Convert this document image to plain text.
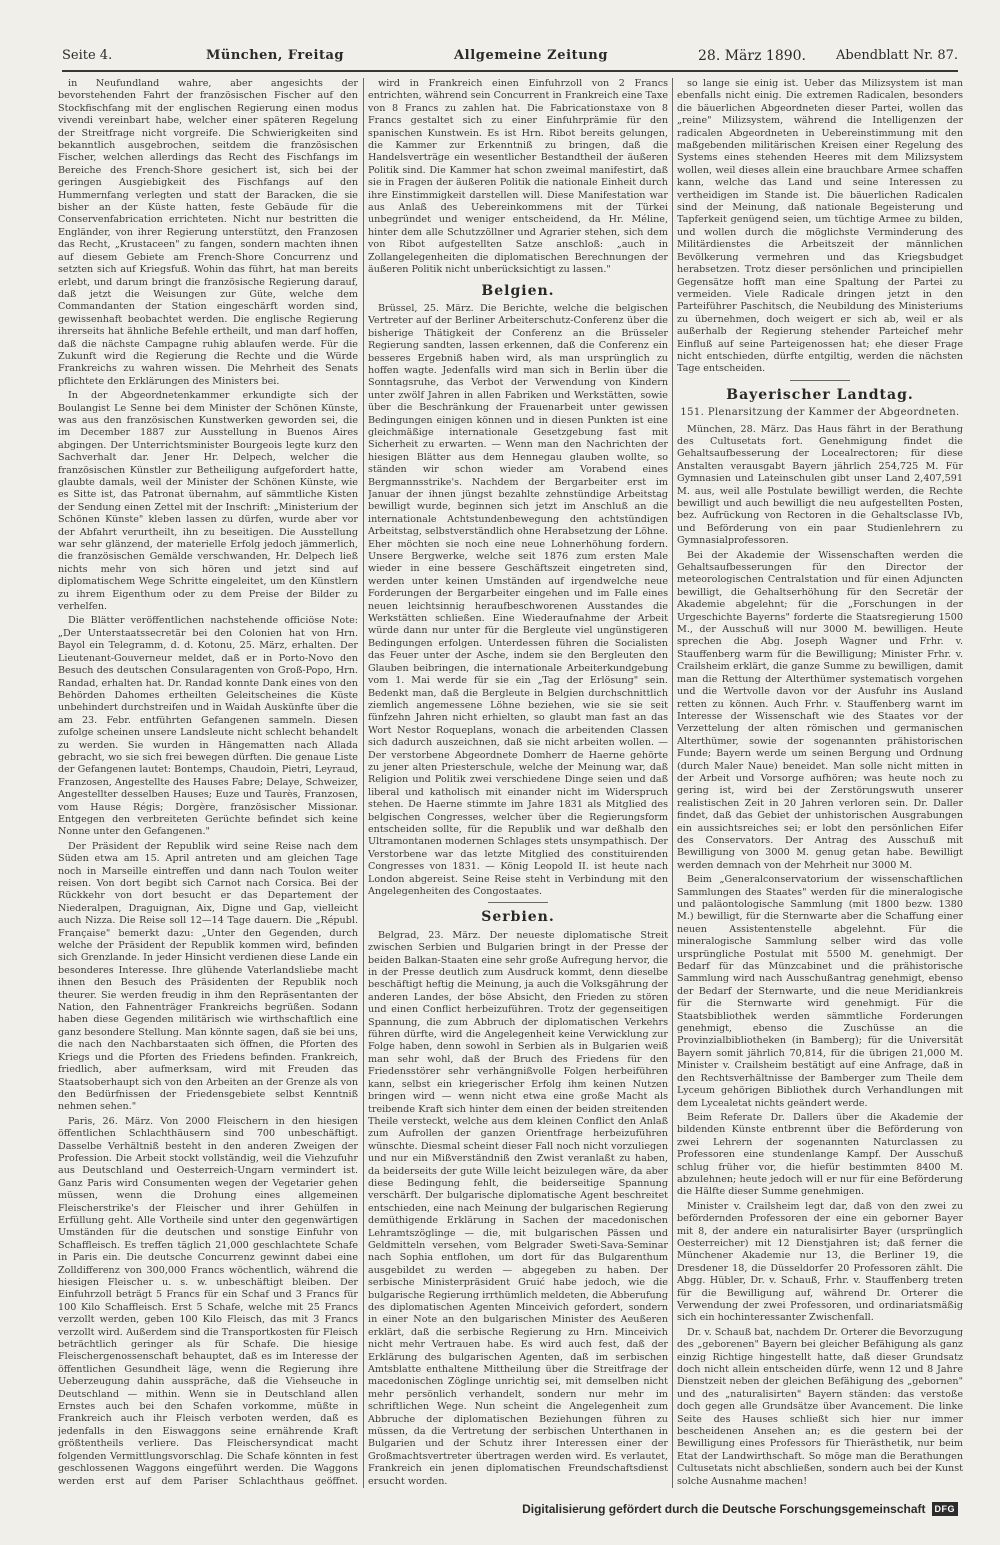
Seite 4.	München, Freitag	Allgemeine Zeitung	28. März 1890. Abendblatt Nr. 87.

in Neufundland wahre, aber angesichts der bevorstehenden Fahrt der französischen Fischer auf den Stockfischfang mit der englischen Regierung einen modus vivendi vereinbart habe, welcher einer späteren Regelung der Streitfrage nicht vorgreife. Die Schwierigkeiten sind bekanntlich ausgebrochen, seitdem die französischen Fischer, welchen allerdings das Recht des Fischfangs im Bereiche des French-Shore gesichert ist, sich bei der geringen Ausgiebigkeit des Fischfangs auf den Hummernfang verlegten und statt der Baracken, die sie bisher an der Küste hatten, feste Gebäude für die Conservenfabrication errichteten. Nicht nur bestritten die Engländer, von ihrer Regierung unterstützt, den Franzosen das Recht, „Krustaceen" zu fangen, sondern machten ihnen auf diesem Gebiete am French-Shore Concurrenz und setzten sich auf Kriegsfuß. Wohin das führt, hat man bereits erlebt, und darum bringt die französische Regierung darauf, daß jetzt die Weisungen zur Güte, welche dem Commandanten der Station eingeschärft worden sind, gewissenhaft beobachtet werden. Die englische Regierung ihrerseits hat ähnliche Befehle ertheilt, und man darf hoffen, daß die nächste Campagne ruhig ablaufen werde. Für die Zukunft wird die Regierung die Rechte und die Würde Frankreichs zu wahren wissen. Die Mehrheit des Senats pflichtete den Erklärungen des Ministers bei.

In der Abgeordnetenkammer erkundigte sich der Boulangist Le Senne bei dem Minister der Schönen Künste, was aus den französischen Kunstwerken geworden sei, die im December 1887 zur Ausstellung in Buenos Aires abgingen. Der Unterrichtsminister Bourgeois legte kurz den Sachverhalt dar. Jener Hr. Delpech, welcher die französischen Künstler zur Betheiligung aufgefordert hatte, glaubte damals, weil der Minister der Schönen Künste, wie es Sitte ist, das Patronat übernahm, auf sämmtliche Kisten der Sendung einen Zettel mit der Inschrift: „Ministerium der Schönen Künste" kleben lassen zu dürfen, wurde aber vor der Abfahrt verurtheilt, ihn zu beseitigen. Die Ausstellung war sehr glänzend, der materielle Erfolg jedoch jämmerlich, die französischen Gemälde verschwanden, Hr. Delpech ließ nichts mehr von sich hören und jetzt sind auf diplomatischem Wege Schritte eingeleitet, um den Künstlern zu ihrem Eigenthum oder zu dem Preise der Bilder zu verhelfen.

Die Blätter veröffentlichen nachstehende officiöse Note: „Der Unterstaatssecretär bei den Colonien hat von Hrn. Bayol ein Telegramm, d. d. Kotonu, 25. März, erhalten. Der Lieutenant-Gouverneur meldet, daß er in Porto-Novo den Besuch des deutschen Consularagenten von Groß-Popo, Hrn. Randad, erhalten hat. Dr. Randad konnte Dank eines von den Behörden Dahomes ertheilten Geleitscheines die Küste unbehindert durchstreifen und in Waidah Auskünfte über die am 23. Febr. entführten Gefangenen sammeln. Diesen zufolge scheinen unsere Landsleute nicht schlecht behandelt zu werden. Sie wurden in Hängematten nach Allada gebracht, wo sie sich frei bewegen dürften. Die genaue Liste der Gefangenen lautet: Bontemps, Chaudoin, Pietri, Leyraud, Franzosen, Angestellte des Hauses Fabre; Delaye, Schweizer, Angestellter desselben Hauses; Euze und Taurès, Franzosen, vom Hause Régis; Dorgère, französischer Missionar. Entgegen den verbreiteten Gerüchte befindet sich keine Nonne unter den Gefangenen."

Der Präsident der Republik wird seine Reise nach dem Süden etwa am 15. April antreten und am gleichen Tage noch in Marseille eintreffen und dann nach Toulon weiter reisen. Von dort begibt sich Carnot nach Corsica. Bei der Rückkehr von dort besucht er das Departement der Niederalpen, Draguignan, Aix, Digne und Gap, vielleicht auch Nizza. Die Reise soll 12—14 Tage dauern. Die „Républ. Française" bemerkt dazu: „Unter den Gegenden, durch welche der Präsident der Republik kommen wird, befinden sich Grenzlande. In jeder Hinsicht verdienen diese Lande ein besonderes Interesse. Ihre glühende Vaterlandsliebe macht ihnen den Besuch des Präsidenten der Republik noch theurer. Sie werden freudig in ihm den Repräsentanten der Nation, den Fahnenträger Frankreichs begrüßen. Sodann haben diese Gegenden militärisch wie wirthschaftlich eine ganz besondere Stellung. Man könnte sagen, daß sie bei uns, die nach den Nachbarstaaten sich öffnen, die Pforten des Kriegs und die Pforten des Friedens befinden. Frankreich, friedlich, aber aufmerksam, wird mit Freuden das Staatsoberhaupt sich von den Arbeiten an der Grenze als von den Bedürfnissen der Friedensgebiete selbst Kenntniß nehmen sehen."

Paris, 26. März. Von 2000 Fleischern in den hiesigen öffentlichen Schlachthäusern sind 700 unbeschäftigt. Dasselbe Verhältniß besteht in den anderen Zweigen der Profession. Die Arbeit stockt vollständig, weil die Viehzufuhr aus Deutschland und Oesterreich-Ungarn vermindert ist. Ganz Paris wird Consumenten wegen der Vegetarier gehen müssen, wenn die Drohung eines allgemeinen Fleischerstrike's der Fleischer und ihrer Gehülfen in Erfüllung geht. Alle Vortheile sind unter den gegenwärtigen Umständen für die deutschen und sonstige Einfuhr von Schaffleisch. Es treffen täglich 21,000 geschlachtete Schafe in Paris ein. Die deutsche Concurrenz gewinnt dabei eine Zolldifferenz von 300,000 Francs wöchentlich, während die hiesigen Fleischer u. s. w. unbeschäftigt bleiben. Der Einfuhrzoll beträgt 5 Francs für ein Schaf und 3 Francs für 100 Kilo Schaffleisch. Erst 5 Schafe, welche mit 25 Francs verzollt werden, geben 100 Kilo Fleisch, das mit 3 Francs verzollt wird. Außerdem sind die Transportkosten für Fleisch beträchtlich geringer als für Schafe. Die hiesige Fleischergenossenschaft behauptet, daß es im Interesse der öffentlichen Gesundheit läge, wenn die Regierung ihre Ueberzeugung dahin ausspräche, daß die Viehseuche in Deutschland — mithin. Wenn sie in Deutschland allen Ernstes auch bei den Schafen vorkomme, müßte in Frankreich auch ihr Fleisch verboten werden, daß es jedenfalls in den Eiswaggons seine ernährende Kraft größtentheils verliere. Das Fleischersyndicat macht folgenden Vermittlungsvorschlag. Die Schafe könnten in fest geschlossenen Waggons eingeführt werden. Die Waggons werden erst auf dem Pariser Schlachthaus geöffnet.

wird in Frankreich einen Einfuhrzoll von 2 Francs entrichten, während sein Concurrent in Frankreich eine Taxe von 8 Francs zu zahlen hat. Die Fabricationstaxe von 8 Francs gestaltet sich zu einer Einfuhrprämie für den spanischen Kunstwein. Es ist Hrn. Ribot bereits gelungen, die Kammer zur Erkenntniß zu bringen, daß die Handelsverträge ein wesentlicher Bestandtheil der äußeren Politik sind. Die Kammer hat schon zweimal manifestirt, daß sie in Fragen der äußeren Politik die nationale Einheit durch ihre Einstimmigkeit darstellen will. Diese Manifestation war aus Anlaß des Uebereinkommens mit der Türkei unbegründet und weniger entscheidend, da Hr. Méline, hinter dem alle Schutzzöllner und Agrarier stehen, sich dem von Ribot aufgestellten Satze anschloß: „auch in Zollangelegenheiten die diplomatischen Berechnungen der äußeren Politik nicht unberücksichtigt zu lassen."

Belgien.

Brüssel, 25. März. Die Berichte, welche die belgischen Vertreter auf der Berliner Arbeiterschutz-Conferenz über die bisherige Thätigkeit der Conferenz an die Brüsseler Regierung sandten, lassen erkennen, daß die Conferenz ein besseres Ergebniß haben wird, als man ursprünglich zu hoffen wagte. Jedenfalls wird man sich in Berlin über die Sonntagsruhe, das Verbot der Verwendung von Kindern unter zwölf Jahren in allen Fabriken und Werkstätten, sowie über die Beschränkung der Frauenarbeit unter gewissen Bedingungen einigen können und in diesen Punkten ist eine gleichmäßige internationale Gesetzgebung fast mit Sicherheit zu erwarten. — Wenn man den Nachrichten der hiesigen Blätter aus dem Hennegau glauben wollte, so ständen wir schon wieder am Vorabend eines Bergmannsstrike's. Nachdem der Bergarbeiter erst im Januar der ihnen jüngst bezahlte zehnstündige Arbeitstag bewilligt wurde, beginnen sich jetzt im Anschluß an die internationale Achtstundenbewegung den achtstündigen Arbeitstag, selbstverständlich ohne Herabsetzung der Löhne. Eher möchten sie noch eine neue Lohnerhöhung fordern. Unsere Bergwerke, welche seit 1876 zum ersten Male wieder in eine bessere Geschäftszeit eingetreten sind, werden unter keinen Umständen auf irgendwelche neue Forderungen der Bergarbeiter eingehen und im Falle eines neuen leichtsinnig heraufbeschworenen Ausstandes die Werkstätten schließen. Eine Wiederaufnahme der Arbeit würde dann nur unter für die Bergleute viel ungünstigeren Bedingungen erfolgen. Unterdessen führen die Socialisten das Feuer unter der Asche, indem sie den Bergleuten den Glauben beibringen, die internationale Arbeiterkundgebung vom 1. Mai werde für sie ein „Tag der Erlösung" sein. Bedenkt man, daß die Bergleute in Belgien durchschnittlich ziemlich angemessene Löhne beziehen, wie sie sie seit fünfzehn Jahren nicht erhielten, so glaubt man fast an das Wort Nestor Roqueplans, wonach die arbeitenden Classen sich dadurch auszeichnen, daß sie nicht arbeiten wollen. — Der verstorbene Abgeordnete Domherr de Haerne gehörte zu jener alten Priesterschule, welche der Meinung war, daß Religion und Politik zwei verschiedene Dinge seien und daß liberal und katholisch mit einander nicht im Widerspruch stehen. De Haerne stimmte im Jahre 1831 als Mitglied des belgischen Congresses, welcher über die Regierungsform entscheiden sollte, für die Republik und war deßhalb den Ultramontanen modernen Schlages stets unsympathisch. Der Verstorbene war das letzte Mitglied des constituirenden Congresses von 1831. — König Leopold II. ist heute nach London abgereist. Seine Reise steht in Verbindung mit den Angelegenheiten des Congostaates.

Serbien.

Belgrad, 23. März. Der neueste diplomatische Streit zwischen Serbien und Bulgarien bringt in der Presse der beiden Balkan-Staaten eine sehr große Aufregung hervor, die in der Presse deutlich zum Ausdruck kommt, denn dieselbe beschäftigt heftig die Meinung, ja auch die Volksgährung der anderen Landes, der böse Absicht, den Frieden zu stören und einen Conflict herbeizuführen. Trotz der gegenseitigen Spannung, die zum Abbruch der diplomatischen Verkehrs führen dürfte, wird die Angelegenheit keine Verwicklung zur Folge haben, denn sowohl in Serbien als in Bulgarien weiß man sehr wohl, daß der Bruch des Friedens für den Friedensstörer sehr verhängnißvolle Folgen herbeiführen kann, selbst ein kriegerischer Erfolg ihm keinen Nutzen bringen wird — wenn nicht etwa eine große Macht als treibende Kraft sich hinter dem einen der beiden streitenden Theile versteckt, welche aus dem kleinen Conflict den Anlaß zum Aufrollen der ganzen Orientfrage herbeizuführen wünschte. Diesmal scheint dieser Fall noch nicht vorzuliegen und nur ein Mißverständniß den Zwist veranlaßt zu haben, da beiderseits der gute Wille leicht beizulegen wäre, da aber diese Bedingung fehlt, die beiderseitige Spannung verschärft. Der bulgarische diplomatische Agent beschreitet entschieden, eine nach Meinung der bulgarischen Regierung demüthigende Erklärung in Sachen der macedonischen Lehramtszöglinge — die, mit bulgarischen Pässen und Geldmitteln versehen, vom Belgrader Sweti-Sava-Seminar nach Sophia entflohen, um dort für das Bulgarenthum ausgebildet zu werden — abgegeben zu haben. Der serbische Ministerpräsident Gruić habe jedoch, wie die bulgarische Regierung irrthümlich meldeten, die Abberufung des diplomatischen Agenten Minceivich gefordert, sondern in einer Note an den bulgarischen Minister des Aeußeren erklärt, daß die serbische Regierung zu Hrn. Minceivich nicht mehr Vertrauen habe. Es wird auch fest, daß der Erklärung des bulgarischen Agenten, daß im serbischen Amtsblatte enthaltene Mittheilung über die Streitfrage der macedonischen Zöglinge unrichtig sei, mit demselben nicht mehr persönlich verhandelt, sondern nur mehr im schriftlichen Wege. Nun scheint die Angelegenheit zum Abbruche der diplomatischen Beziehungen führen zu müssen, da die Vertretung der serbischen Unterthanen in Bulgarien und der Schutz ihrer Interessen einer der Großmachtsvertreter übertragen werden wird. Es verlautet, Frankreich ein jenen diplomatischen Freundschaftsdienst ersucht worden.

so lange sie einig ist. Ueber das Milizsystem ist man ebenfalls nicht einig. Die extremen Radicalen, besonders die bäuerlichen Abgeordneten dieser Partei, wollen das „reine" Milizsystem, während die Intelligenzen der radicalen Abgeordneten in Uebereinstimmung mit den maßgebenden militärischen Kreisen einer Regelung des Systems eines stehenden Heeres mit dem Milizsystem wollen, weil dieses allein eine brauchbare Armee schaffen kann, welche das Land und seine Interessen zu vertheidigen im Stande ist. Die bäuerlichen Radicalen sind der Meinung, daß nationale Begeisterung und Tapferkeit genügend seien, um tüchtige Armee zu bilden, und wollen durch die möglichste Verminderung des Militärdienstes die Arbeitszeit der männlichen Bevölkerung vermehren und das Kriegsbudget herabsetzen. Trotz dieser persönlichen und principiellen Gegensätze hofft man eine Spaltung der Partei zu vermeiden. Viele Radicale dringen jetzt in den Parteiführer Paschitsch, die Neubildung des Ministeriums zu übernehmen, doch weigert er sich ab, weil er als außerhalb der Regierung stehender Parteichef mehr Einfluß auf seine Parteigenossen hat; ehe dieser Frage nicht entschieden, dürfte entgiltig, werden die nächsten Tage entscheiden.

Bayerischer Landtag.
151. Plenarsitzung der Kammer der Abgeordneten.

München, 28. März. Das Haus fährt in der Berathung des Cultusetats fort. Genehmigung findet die Gehaltsaufbesserung der Locealrectoren; für diese Anstalten verausgabt Bayern jährlich 254,725 M. Für Gymnasien und Lateinschulen gibt unser Land 2,407,591 M. aus, weil alle Postulate bewilligt werden, die Rechte bewilligt und auch bewilligt die neu aufgestellten Posten, bez. Aufrückung von Rectoren in die Gehaltsclasse IVb, und Beförderung von ein paar Studienlehrern zu Gymnasialprofessoren.

Bei der Akademie der Wissenschaften werden die Gehaltsaufbesserungen für den Director der meteorologischen Centralstation und für einen Adjuncten bewilligt, die Gehaltserhöhung für den Secretär der Akademie abgelehnt; für die „Forschungen in der Urgeschichte Bayerns" forderte die Staatsregierung 1500 M., der Ausschuß will nur 3000 M. bewilligen. Heute sprechen die Abg. Joseph Wagner und Frhr. v. Stauffenberg warm für die Bewilligung; Minister Frhr. v. Crailsheim erklärt, die ganze Summe zu bewilligen, damit man die Rettung der Alterthümer systematisch vorgehen und die Wertvolle davon vor der Ausfuhr ins Ausland retten zu können. Auch Frhr. v. Stauffenberg warnt im Interesse der Wissenschaft wie des Staates vor der Verzettelung der alten römischen und germanischen Alterthümer, sowie der sogenannten prähistorischen Funde; Bayern werde um seinen Bergung und Ordnung (durch Maler Naue) beneidet. Man solle nicht mitten in der Arbeit und Vorsorge aufhören; was heute noch zu gering ist, wird bei der Zerstörungswuth unserer realistischen Zeit in 20 Jahren verloren sein. Dr. Daller findet, daß das Gebiet der unhistorischen Ausgrabungen ein aussichtsreiches sei; er lobt den persönlichen Eifer des Conservators. Der Antrag des Ausschuß mit Bewilligung von 3000 M. genug getan habe. Bewilligt werden demnach von der Mehrheit nur 3000 M.

Beim „Generalconservatorium der wissenschaftlichen Sammlungen des Staates" werden für die mineralogische und paläontologische Sammlung (mit 1800 bezw. 1380 M.) bewilligt, für die Sternwarte aber die Schaffung einer neuen Assistentenstelle abgelehnt. Für die mineralogische Sammlung selber wird das volle ursprüngliche Postulat mit 5500 M. genehmigt. Der Bedarf für das Münzcabinet und die prähistorische Sammlung wird nach Ausschußantrag genehmigt, ebenso der Bedarf der Sternwarte, und die neue Meridiankreis für die Sternwarte wird genehmigt. Für die Staatsbibliothek werden sämmtliche Forderungen genehmigt, ebenso die Zuschüsse an die Provinzialbibliotheken (in Bamberg); für die Universität Bayern somit jährlich 70,814, für die übrigen 21,000 M. Minister v. Crailsheim bestätigt auf eine Anfrage, daß in den Rechtsverhältnisse der Bamberger zum Theile dem Lyceum gehörigen Bibliothek durch Verhandlungen mit dem Lycealetat nichts geändert werde.

Beim Referate Dr. Dallers über die Akademie der bildenden Künste entbrennt über die Beförderung von zwei Lehrern der sogenannten Naturclassen zu Professoren eine stundenlange Kampf. Der Ausschuß schlug früher vor, die hiefür bestimmten 8400 M. abzulehnen; heute jedoch will er nur für eine Beförderung die Hälfte dieser Summe genehmigen.

Minister v. Crailsheim legt dar, daß von den zwei zu befördernden Professoren der eine ein geborner Bayer mit 8, der andere ein naturalisirter Bayer (ursprünglich Oesterreicher) mit 12 Dienstjahren ist; daß ferner die Münchener Akademie nur 13, die Berliner 19, die Dresdener 18, die Düsseldorfer 20 Professoren zählt. Die Abgg. Hübler, Dr. v. Schauß, Frhr. v. Stauffenberg treten für die Bewilligung auf, während Dr. Orterer die Verwendung der zwei Professoren, und ordinariatsmäßig sich ein hochinteressanter Zwischenfall.

Dr. v. Schauß bat, nachdem Dr. Orterer die Bevorzugung des „geborenen" Bayern bei gleicher Befähigung als ganz einzig Richtige hingestellt hatte, daß dieser Grundsatz doch nicht allein entscheiden dürfe, wenn 12 und 8 Jahre Dienstzeit neben der gleichen Befähigung des „gebornen" und des „naturalisirten" Bayern ständen: das verstoße doch gegen alle Grundsätze über Avancement. Die linke Seite des Hauses schließt sich hier nur immer bescheidenen Ansehen an; es die gestern bei der Bewilligung eines Professors für Thierästhetik, nur beim Etat der Landwirthschaft. So möge man die Berathungen Cultusetats nicht abschließen, sondern auch bei der Kunst solche Ausnahme machen!

Digitalisierung gefördert durch die Deutsche Forschungsgemeinschaft	DFG
